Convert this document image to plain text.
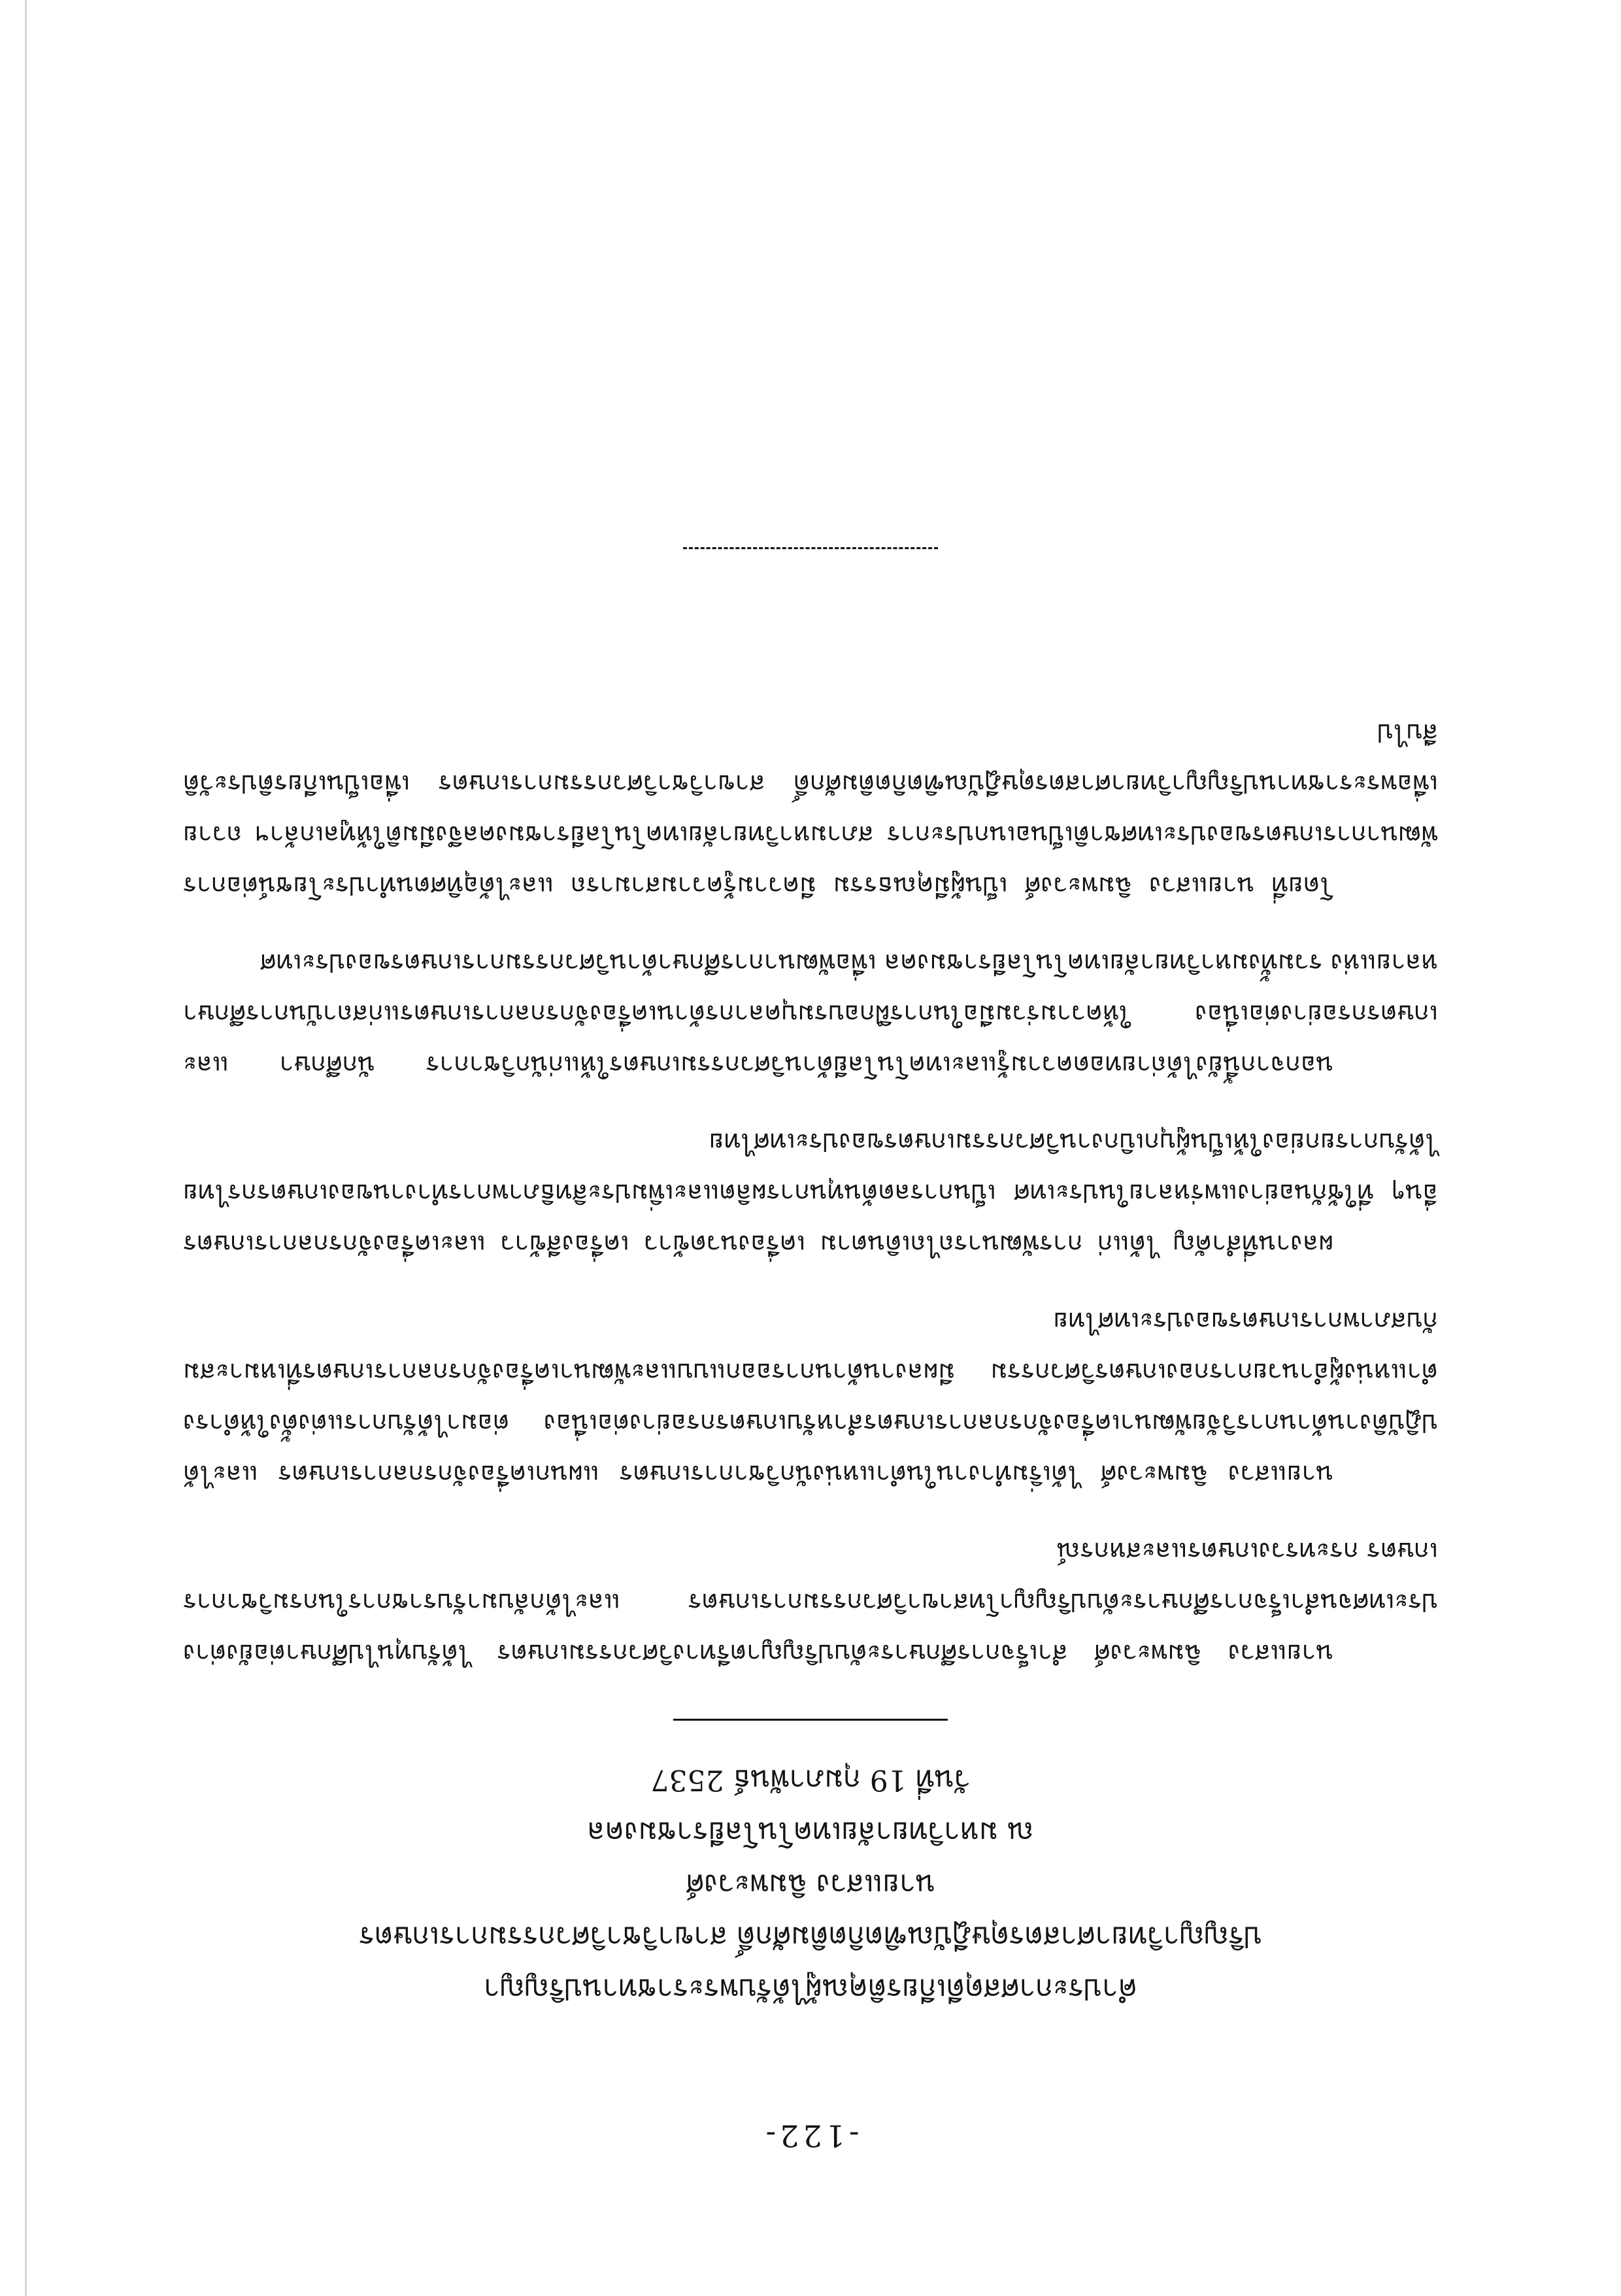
-122-
คำประกาศสดุดีเกียรติคุณผู้ได้รับพระราชทานปริญญา
ปริญญาวิทยาศาสตรดุษฎีบัณฑิตกิตติมศักดิ์ สาขาวิชาวิศวกรรมการเกษตร
นายแสวง ฉิมพะวงศ์
ณ มหาวิทยาลัยเทคโนโลยีราชมงคล
วันที่ 19 กุมภาพันธ์ 2537

นายแสวง ฉิมพะวงศ์ สำเร็จการศึกษาระดับปริญญาตรีทางวิศวกรรมเกษตร ได้รับทุนไปศึกษาต่อยังต่างประเทศจนสำเร็จการศึกษาระดับปริญญาโทสาขาวิศวกรรมการเกษตร และได้กลับมารับราชการในกรมวิชาการเกษตร กระทรวงเกษตรและสหกรณ์

นายแสวง ฉิมพะวงศ์ ได้เริ่มทำงานในตำแหน่งนักวิชาการเกษตร แผนกเครื่องจักรกลการเกษตร และได้ปฏิบัติงานด้านการวิจัยพัฒนาเครื่องจักรกลการเกษตรสำหรับเกษตรกรอย่างต่อเนื่อง ต่อมาได้รับการแต่งตั้งให้ดำรงตำแหน่งผู้อำนวยการกองเกษตรวิศวกรรม มีผลงานด้านการออกแบบและพัฒนาเครื่องจักรกลการเกษตรที่เหมาะสมกับสภาพการเกษตรของประเทศไทย

ผลงานที่สำคัญ ได้แก่ การพัฒนารถไถเดินตาม เครื่องนวดข้าว เครื่องสีข้าว และเครื่องจักรกลการเกษตรอื่นๆ ที่ใช้กันอย่างแพร่หลายในประเทศ เป็นการลดต้นทุนการผลิตและเพิ่มประสิทธิภาพการทำงานของเกษตรกรไทย ได้รับการยกย่องให้เป็นผู้บุกเบิกงานวิศวกรรมเกษตรของประเทศไทย

นอกจากนี้ยังได้ถ่ายทอดความรู้และเทคโนโลยีด้านวิศวกรรมเกษตรให้แก่นักวิชาการ นักศึกษา และเกษตรกรอย่างต่อเนื่อง ให้ความร่วมมือในการฝึกอบรมบุคลากรด้านเครื่องจักรกลการเกษตรแก่สถาบันการศึกษาหลายแห่ง รวมทั้งมหาวิทยาลัยเทคโนโลยีราชมงคล เพื่อพัฒนาการศึกษาด้านวิศวกรรมการเกษตรของประเทศ

โดยที่ นายแสวง ฉิมพะวงศ์ เป็นผู้มีคุณธรรม มีความรู้ความสามารถ และได้อุทิศตนทำประโยชน์ต่อการพัฒนาการเกษตรของประเทศชาติเป็นอเนกประการ สภามหาวิทยาลัยเทคโนโลยีราชมงคลจึงมีมติให้ทูลเกล้าฯ ถวายเพื่อพระราชทานปริญญาวิทยาศาสตรดุษฎีบัณฑิตกิตติมศักดิ์ สาขาวิชาวิศวกรรมการเกษตร เพื่อเป็นเกียรติประวัติสืบไป
